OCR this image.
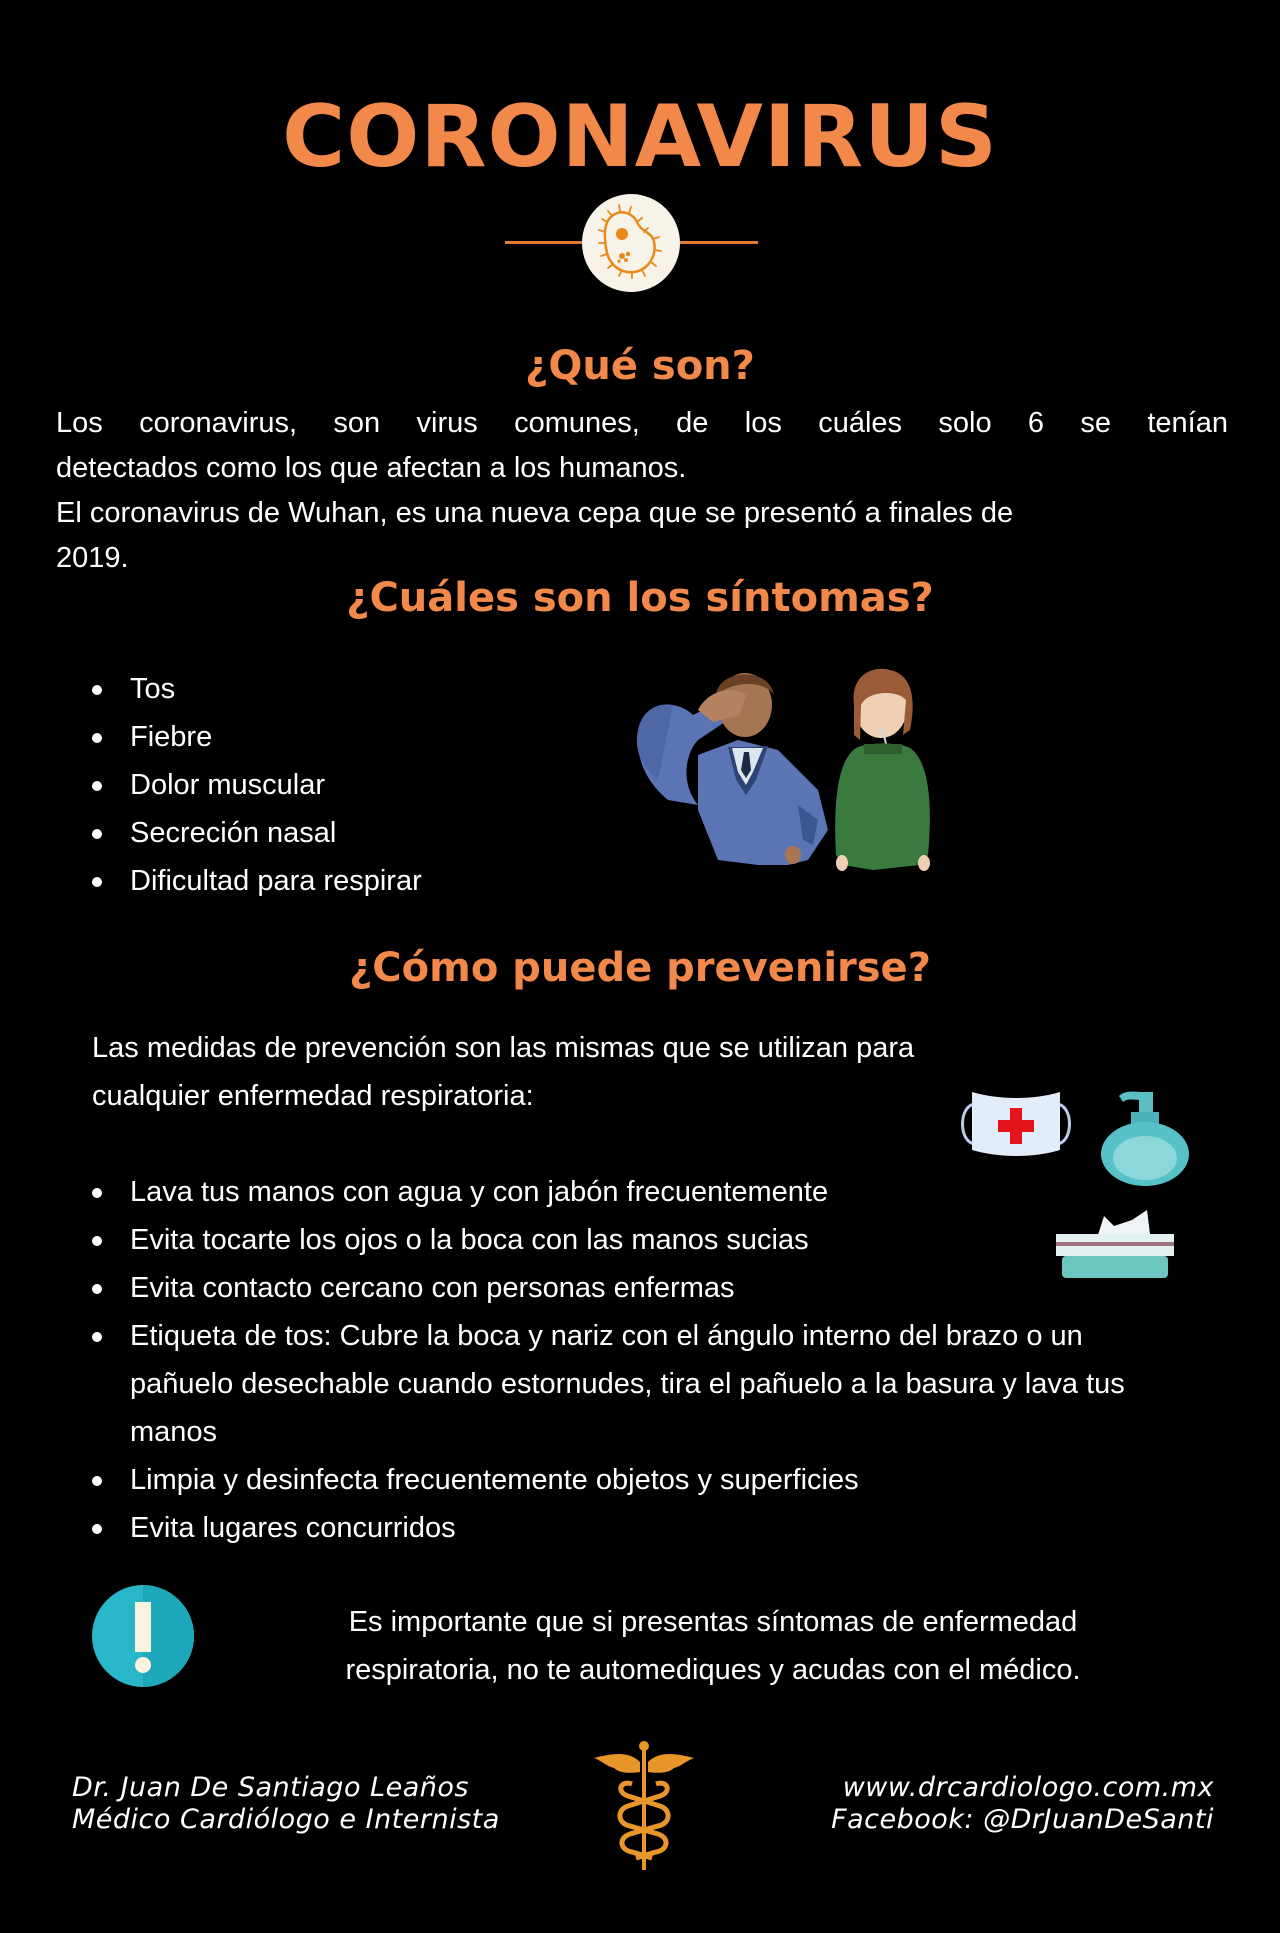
CORONAVIRUS
¿Qué son?
Los coronavirus, son virus comunes, de los cuáles solo 6 se tenían
detectados como los que afectan a los humanos.
El coronavirus de Wuhan, es una nueva cepa que se presentó a finales de
2019.
¿Cuáles son los síntomas?
Tos
Fiebre
Dolor muscular
Secreción nasal
Dificultad para respirar
¿Cómo puede prevenirse?
Las medidas de prevención son las mismas que se utilizan para
cualquier enfermedad respiratoria:
Lava tus manos con agua y con jabón frecuentemente
Evita tocarte los ojos o la boca con las manos sucias
Evita contacto cercano con personas enfermas
Etiqueta de tos: Cubre la boca y nariz con el ángulo interno del brazo o un pañuelo desechable cuando estornudes, tira el pañuelo a la basura y lava tus manos
Limpia y desinfecta frecuentemente objetos y superficies
Evita lugares concurridos
Es importante que si presentas síntomas de enfermedad
respiratoria, no te automediques y acudas con el médico.
Dr. Juan De Santiago Leaños
Médico Cardiólogo e Internista
www.drcardiologo.com.mx
Facebook: @DrJuanDeSanti
